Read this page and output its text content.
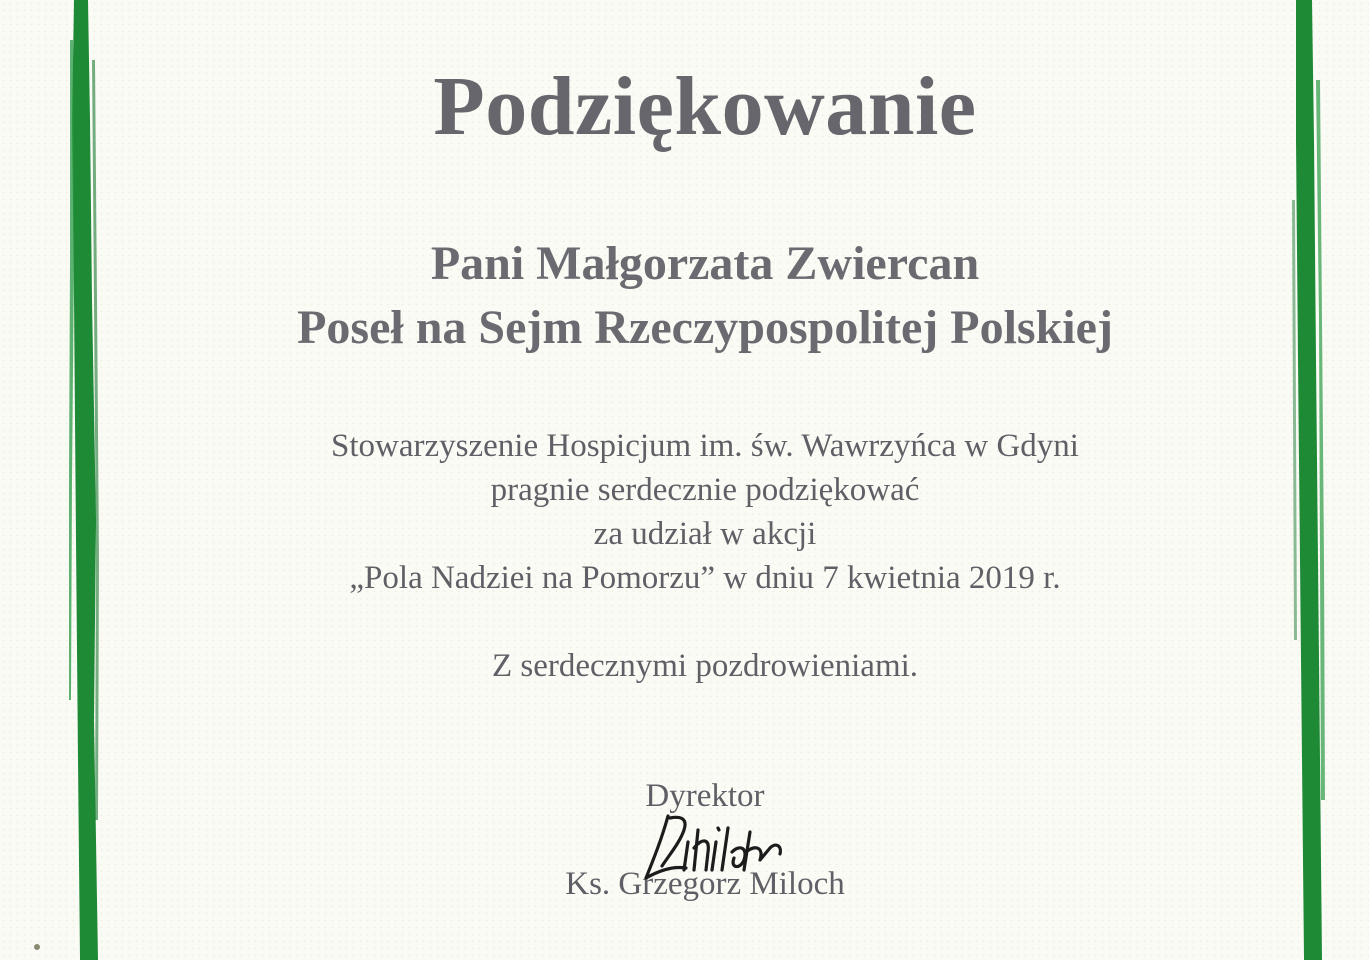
Podziękowanie
Pani Małgorzata Zwiercan
Poseł na Sejm Rzeczypospolitej Polskiej
Stowarzyszenie Hospicjum im. św. Wawrzyńca w Gdyni
pragnie serdecznie podziękować
za udział w akcji
„Pola Nadziei na Pomorzu” w dniu 7 kwietnia 2019 r.
Z serdecznymi pozdrowieniami.
Dyrektor
Ks. Grzegorz Miloch
